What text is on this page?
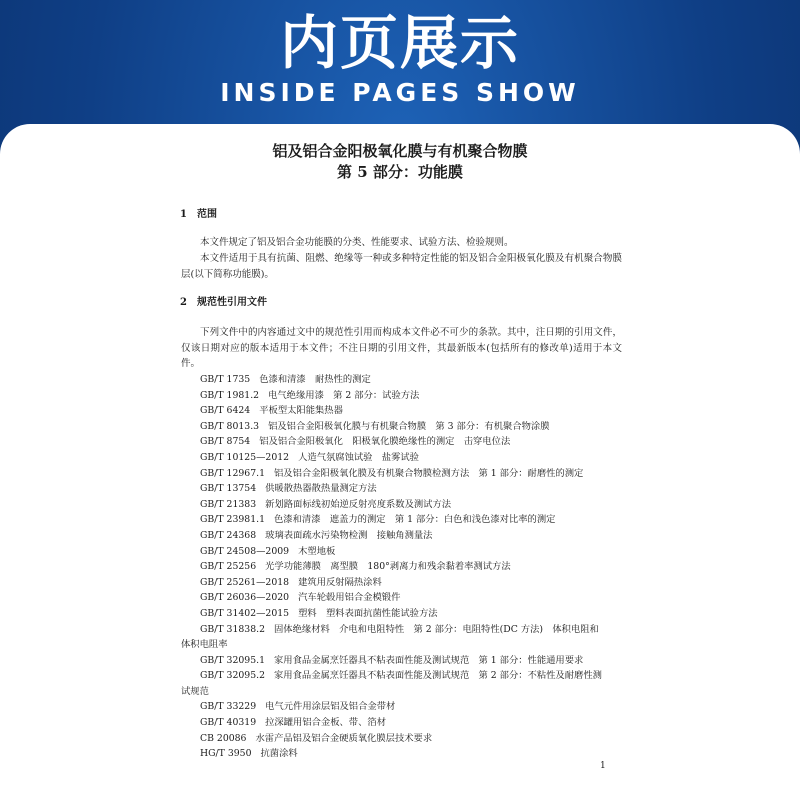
内页展示
INSIDE PAGES SHOW
铝及铝合金阳极氧化膜与有机聚合物膜
第 5 部分：功能膜
1　范围

本文件规定了铝及铝合金功能膜的分类、性能要求、试验方法、检验规则。

本文件适用于具有抗菌、阻燃、绝缘等一种或多种特定性能的铝及铝合金阳极氧化膜及有机聚合物膜层(以下简称功能膜)。

2　规范性引用文件

下列文件中的内容通过文中的规范性引用而构成本文件必不可少的条款。其中，注日期的引用文件，仅该日期对应的版本适用于本文件；不注日期的引用文件，其最新版本(包括所有的修改单)适用于本文件。

GB/T 1735 色漆和清漆　耐热性的测定
GB/T 1981.2 电气绝缘用漆　第 2 部分：试验方法
GB/T 6424 平板型太阳能集热器
GB/T 8013.3 铝及铝合金阳极氧化膜与有机聚合物膜　第 3 部分：有机聚合物涂膜
GB/T 8754 铝及铝合金阳极氧化　阳极氧化膜绝缘性的测定　击穿电位法
GB/T 10125—2012 人造气氛腐蚀试验　盐雾试验
GB/T 12967.1 铝及铝合金阳极氧化膜及有机聚合物膜检测方法　第 1 部分：耐磨性的测定
GB/T 13754 供暖散热器散热量测定方法
GB/T 21383 新划路面标线初始逆反射亮度系数及测试方法
GB/T 23981.1 色漆和清漆　遮盖力的测定　第 1 部分：白色和浅色漆对比率的测定
GB/T 24368 玻璃表面疏水污染物检测　接触角测量法
GB/T 24508—2009 木塑地板
GB/T 25256 光学功能薄膜　离型膜　180°剥离力和残余黏着率测试方法
GB/T 25261—2018 建筑用反射隔热涂料
GB/T 26036—2020 汽车轮毂用铝合金模锻件
GB/T 31402—2015 塑料　塑料表面抗菌性能试验方法
GB/T 31838.2 固体绝缘材料　介电和电阻特性　第 2 部分：电阻特性(DC 方法)　体积电阻和
体积电阻率
GB/T 32095.1 家用食品金属烹饪器具不粘表面性能及测试规范　第 1 部分：性能通用要求
GB/T 32095.2 家用食品金属烹饪器具不粘表面性能及测试规范　第 2 部分：不粘性及耐磨性测
试规范
GB/T 33229 电气元件用涂层铝及铝合金带材
GB/T 40319 拉深罐用铝合金板、带、箔材
CB 20086 水雷产品铝及铝合金硬质氧化膜层技术要求
HG/T 3950 抗菌涂料
1
